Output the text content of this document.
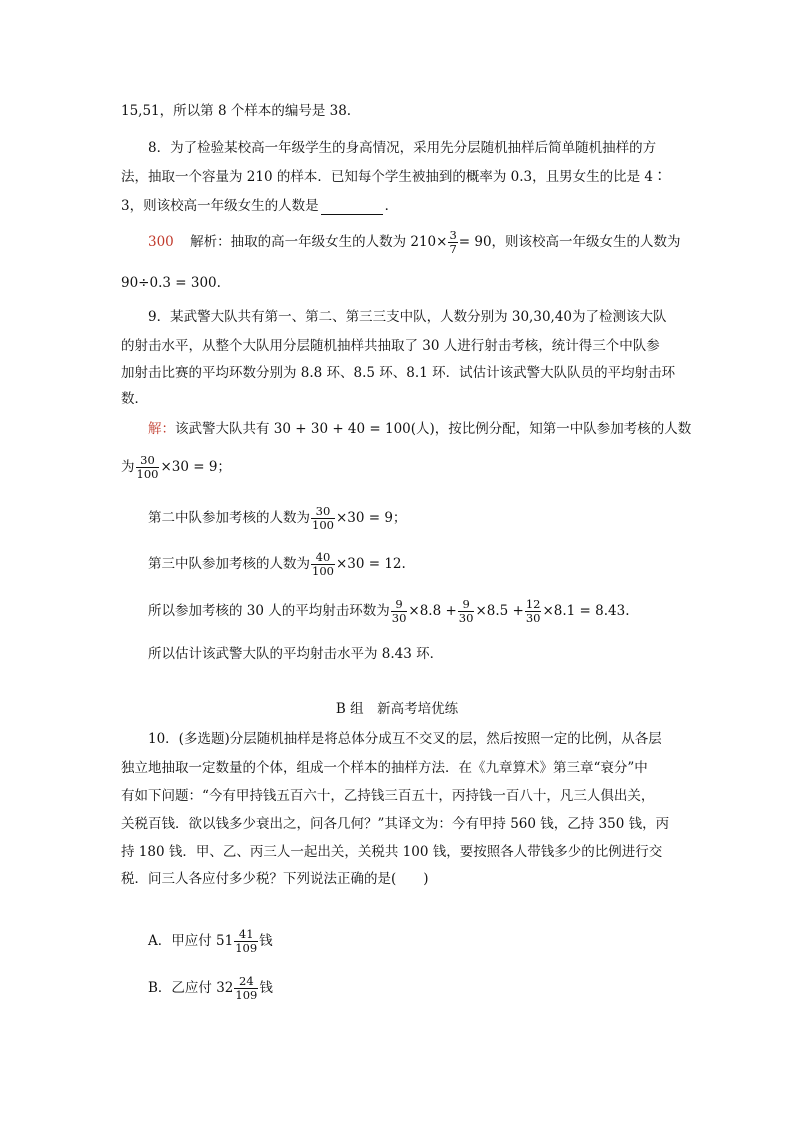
15,51，所以第 8 个样本的编号是 38.
8．为了检验某校高一年级学生的身高情况，采用先分层随机抽样后简单随机抽样的方
法，抽取一个容量为 210 的样本．已知每个学生被抽到的概率为 0.3，且男女生的比是 4∶
3，则该校高一年级女生的人数是	．
300 解析：抽取的高一年级女生的人数为 $210\times \frac{3}{7} = 90$，则该校高一年级女生的人数为
90÷0.3 = 300.
9．某武警大队共有第一、第二、第三三支中队，人数分别为 30,30,40为了检测该大队
的射击水平，从整个大队用分层随机抽样共抽取了 30 人进行射击考核，统计得三个中队参
加射击比赛的平均环数分别为 8.8 环、8.5 环、8.1 环．试估计该武警大队队员的平均射击环
数．
解：该武警大队共有 30 + 30 + 40 = 100(人)，按比例分配，知第一中队参加考核的人数
为 $\frac{30}{100} \times 30 = 9$；
第二中队参加考核的人数为 $\frac{30}{100} \times 30 = 9$；
第三中队参加考核的人数为 $\frac{40}{100} \times 30 = 12$.
所以参加考核的 30 人的平均射击环数为 $\frac{9}{30} \times 8.8 + \frac{9}{30} \times 8.5 + \frac{12}{30} \times 8.1 = 8.43$.
所以估计该武警大队的平均射击水平为 8.43 环．
B 组　新高考培优练
10．(多选题)分层随机抽样是将总体分成互不交叉的层，然后按照一定的比例，从各层
独立地抽取一定数量的个体，组成一个样本的抽样方法．在《九章算术》第三章“衰分”中
有如下问题：“今有甲持钱五百六十，乙持钱三百五十，丙持钱一百八十，凡三人俱出关，
关税百钱．欲以钱多少衰出之，问各几何？”其译文为：今有甲持 560 钱，乙持 350 钱，丙
持 180 钱．甲、乙、丙三人一起出关，关税共 100 钱，要按照各人带钱多少的比例进行交
税．问三人各应付多少税？下列说法正确的是(　　)
A．甲应付 $51 \frac{41}{109}$ 钱
B．乙应付 $32 \frac{24}{109}$ 钱
